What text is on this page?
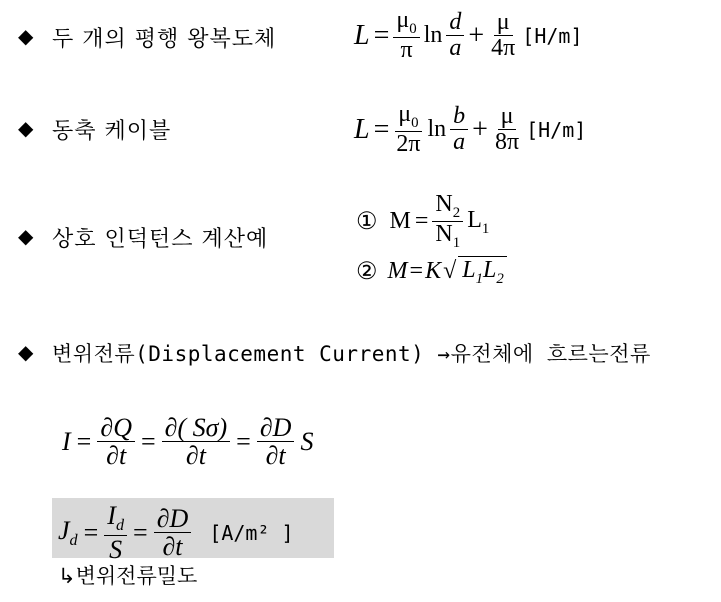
◆ 두 개의 평행 왕복도체
◆ 동축 케이블
◆ 상호 인덕턴스 계산예
◆ 변위전류(Displacement Current) →유전체에 흐르는전류
$L = \frac{\mu_0}{\pi}$ $\ln \frac{d}{a} + \frac{\mu}{4\pi} [H/m]$
$L = \frac{\mu_0}{2\pi}$ $\ln \frac{b}{a} + \frac{\mu}{8\pi} [H/m]$
① $M = \frac{N_2}{N_1} L_1$
② M = K √ $L_1L_2$
$I = \frac{\partial Q}{\partial t} = \frac{\partial( S\sigma)}{\partial t} = \frac{\partial D}{\partial t}$ S
$J_d = \frac{I_d}{S} = \frac{\partial D}{\partial t} [A/m^2$ ]
↳변위전류밀도
